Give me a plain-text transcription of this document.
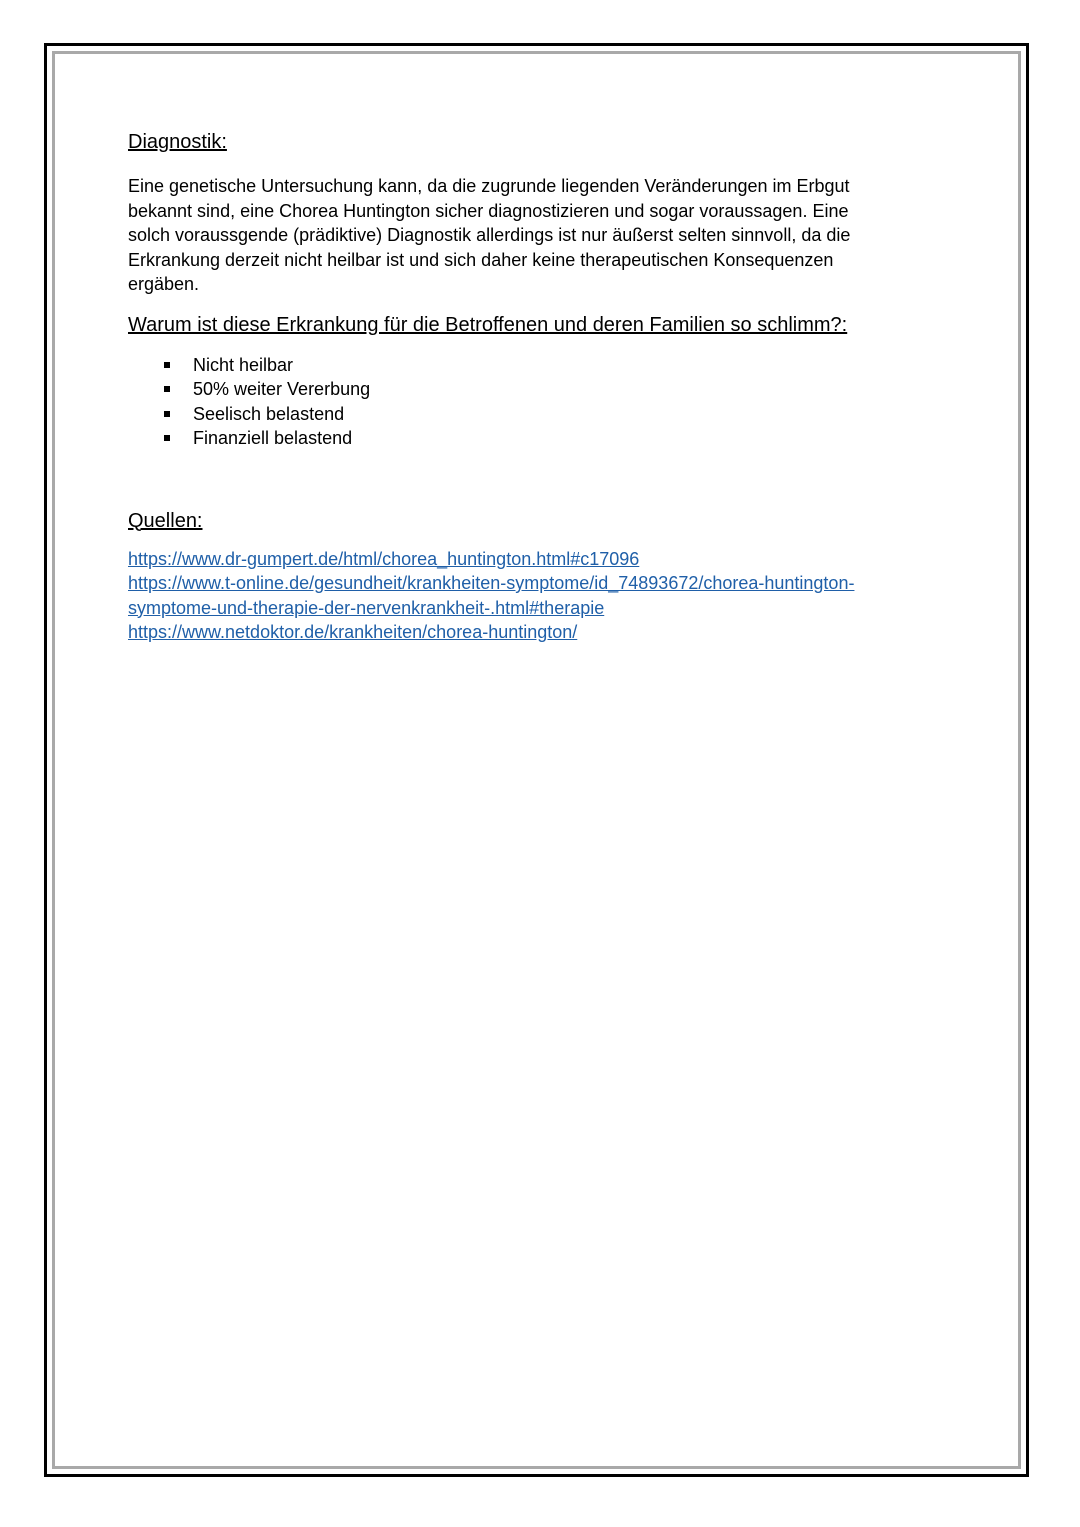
Diagnostik:

Eine genetische Untersuchung kann, da die zugrunde liegenden Veränderungen im Erbgut
bekannt sind, eine Chorea Huntington sicher diagnostizieren und sogar voraussagen. Eine
solch voraussgende (prädiktive) Diagnostik allerdings ist nur äußerst selten sinnvoll, da die
Erkrankung derzeit nicht heilbar ist und sich daher keine therapeutischen Konsequenzen
ergäben.

Warum ist diese Erkrankung für die Betroffenen und deren Familien so schlimm?:
Nicht heilbar
50% weiter Vererbung
Seelisch belastend
Finanziell belastend
Quellen:
https://www.dr-gumpert.de/html/chorea_huntington.html#c17096
https://www.t-online.de/gesundheit/krankheiten-symptome/id_74893672/chorea-huntington-
symptome-und-therapie-der-nervenkrankheit-.html#therapie
https://www.netdoktor.de/krankheiten/chorea-huntington/
